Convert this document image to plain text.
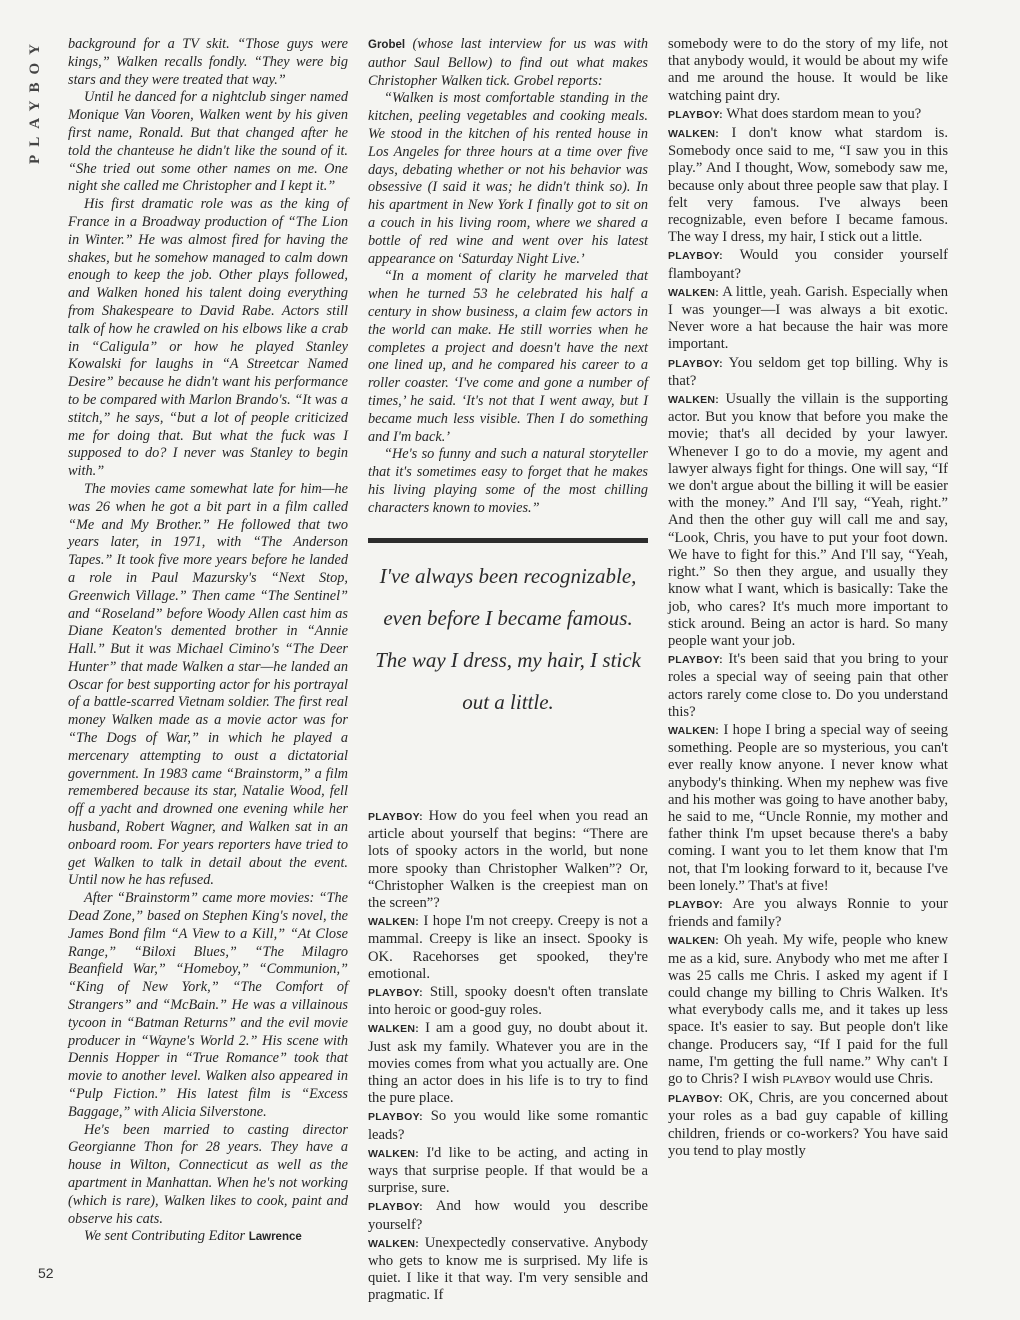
PLAYBOY
52

background for a TV skit. “Those guys were kings,” Walken recalls fondly. “They were big stars and they were treated that way.”

Until he danced for a nightclub singer named Monique Van Vooren, Walken went by his given first name, Ronald. But that changed after he told the chanteuse he didn't like the sound of it. “She tried out some other names on me. One night she called me Christopher and I kept it.”

His first dramatic role was as the king of France in a Broadway production of “The Lion in Winter.” He was almost fired for having the shakes, but he somehow managed to calm down enough to keep the job. Other plays followed, and Walken honed his talent doing everything from Shakespeare to David Rabe. Actors still talk of how he crawled on his elbows like a crab in “Caligula” or how he played Stanley Kowalski for laughs in “A Streetcar Named Desire” because he didn't want his performance to be compared with Marlon Brando's. “It was a stitch,” he says, “but a lot of people criticized me for doing that. But what the fuck was I supposed to do? I never was Stanley to begin with.”

The movies came somewhat late for him—he was 26 when he got a bit part in a film called “Me and My Brother.” He followed that two years later, in 1971, with “The Anderson Tapes.” It took five more years before he landed a role in Paul Mazursky's “Next Stop, Greenwich Village.” Then came “The Sentinel” and “Roseland” before Woody Allen cast him as Diane Keaton's demented brother in “Annie Hall.” But it was Michael Cimino's “The Deer Hunter” that made Walken a star—he landed an Oscar for best supporting actor for his portrayal of a battle-scarred Vietnam soldier. The first real money Walken made as a movie actor was for “The Dogs of War,” in which he played a mercenary attempting to oust a dictatorial government. In 1983 came “Brainstorm,” a film remembered because its star, Natalie Wood, fell off a yacht and drowned one evening while her husband, Robert Wagner, and Walken sat in an onboard room. For years reporters have tried to get Walken to talk in detail about the event. Until now he has refused.

After “Brainstorm” came more movies: “The Dead Zone,” based on Stephen King's novel, the James Bond film “A View to a Kill,” “At Close Range,” “Biloxi Blues,” “The Milagro Beanfield War,” “Homeboy,” “Communion,” “King of New York,” “The Comfort of Strangers” and “McBain.” He was a villainous tycoon in “Batman Returns” and the evil movie producer in “Wayne's World 2.” His scene with Dennis Hopper in “True Romance” took that movie to another level. Walken also appeared in “Pulp Fiction.” His latest film is “Excess Baggage,” with Alicia Silverstone.

He's been married to casting director Georgianne Thon for 28 years. They have a house in Wilton, Connecticut as well as the apartment in Manhattan. When he's not working (which is rare), Walken likes to cook, paint and observe his cats.

We sent Contributing Editor Lawrence

Grobel (whose last interview for us was with author Saul Bellow) to find out what makes Christopher Walken tick. Grobel reports:

“Walken is most comfortable standing in the kitchen, peeling vegetables and cooking meals. We stood in the kitchen of his rented house in Los Angeles for three hours at a time over five days, debating whether or not his behavior was obsessive (I said it was; he didn't think so). In his apartment in New York I finally got to sit on a couch in his living room, where we shared a bottle of red wine and went over his latest appearance on ‘Saturday Night Live.’

“In a moment of clarity he marveled that when he turned 53 he celebrated his half a century in show business, a claim few actors in the world can make. He still worries when he completes a project and doesn't have the next one lined up, and he compared his career to a roller coaster. ‘I've come and gone a number of times,’ he said. ‘It's not that I went away, but I became much less visible. Then I do something and I'm back.’

“He's so funny and such a natural storyteller that it's sometimes easy to forget that he makes his living playing some of the most chilling characters known to movies.”

I've always been recognizable, even before I became famous. The way I dress, my hair, I stick out a little.

PLAYBOY: How do you feel when you read an article about yourself that begins: “There are lots of spooky actors in the world, but none more spooky than Christopher Walken”? Or, “Christopher Walken is the creepiest man on the screen”?

WALKEN: I hope I'm not creepy. Creepy is not a mammal. Creepy is like an insect. Spooky is OK. Racehorses get spooked, they're emotional.

PLAYBOY: Still, spooky doesn't often translate into heroic or good-guy roles.

WALKEN: I am a good guy, no doubt about it. Just ask my family. Whatever you are in the movies comes from what you actually are. One thing an actor does in his life is to try to find the pure place.

PLAYBOY: So you would like some romantic leads?

WALKEN: I'd like to be acting, and acting in ways that surprise people. If that would be a surprise, sure.

PLAYBOY: And how would you describe yourself?

WALKEN: Unexpectedly conservative. Anybody who gets to know me is surprised. My life is quiet. I like it that way. I'm very sensible and pragmatic. If

somebody were to do the story of my life, not that anybody would, it would be about my wife and me around the house. It would be like watching paint dry.

PLAYBOY: What does stardom mean to you?

WALKEN: I don't know what stardom is. Somebody once said to me, “I saw you in this play.” And I thought, Wow, somebody saw me, because only about three people saw that play. I felt very famous. I've always been recognizable, even before I became famous. The way I dress, my hair, I stick out a little.

PLAYBOY: Would you consider yourself flamboyant?

WALKEN: A little, yeah. Garish. Especially when I was younger—I was always a bit exotic. Never wore a hat because the hair was more important.

PLAYBOY: You seldom get top billing. Why is that?

WALKEN: Usually the villain is the supporting actor. But you know that before you make the movie; that's all decided by your lawyer. Whenever I go to do a movie, my agent and lawyer always fight for things. One will say, “If we don't argue about the billing it will be easier with the money.” And I'll say, “Yeah, right.” And then the other guy will call me and say, “Look, Chris, you have to put your foot down. We have to fight for this.” And I'll say, “Yeah, right.” So then they argue, and usually they know what I want, which is basically: Take the job, who cares? It's much more important to stick around. Being an actor is hard. So many people want your job.

PLAYBOY: It's been said that you bring to your roles a special way of seeing pain that other actors rarely come close to. Do you understand this?

WALKEN: I hope I bring a special way of seeing something. People are so mysterious, you can't ever really know anyone. I never know what anybody's thinking. When my nephew was five and his mother was going to have another baby, he said to me, “Uncle Ronnie, my mother and father think I'm upset because there's a baby coming. I want you to let them know that I'm not, that I'm looking forward to it, because I've been lonely.” That's at five!

PLAYBOY: Are you always Ronnie to your friends and family?

WALKEN: Oh yeah. My wife, people who knew me as a kid, sure. Anybody who met me after I was 25 calls me Chris. I asked my agent if I could change my billing to Chris Walken. It's what everybody calls me, and it takes up less space. It's easier to say. But people don't like change. Producers say, “If I paid for the full name, I'm getting the full name.” Why can't I go to Chris? I wish PLAYBOY would use Chris.

PLAYBOY: OK, Chris, are you concerned about your roles as a bad guy capable of killing children, friends or co-workers? You have said you tend to play mostly
